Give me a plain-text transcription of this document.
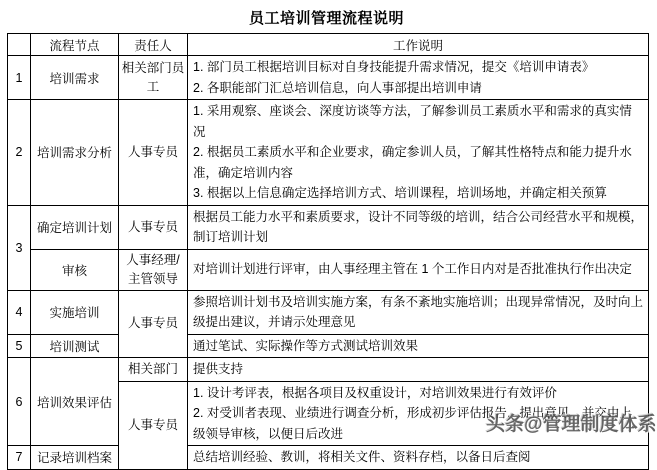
员工培训管理流程说明
	流程节点	责任人	工作说明
1	培训需求	相关部门员工	1. 部门员工根据培训目标对自身技能提升需求情况，提交《培训申请表》
2. 各职能部门汇总培训信息，向人事部提出培训申请

2	培训需求分析	人事专员	1. 采用观察、座谈会、深度访谈等方法，了解参训员工素质水平和需求的真实情况
2. 根据员工素质水平和企业要求，确定参训人员，了解其性格特点和能力提升水准，确定培训内容
3. 根据以上信息确定选择培训方式、培训课程，培训场地，并确定相关预算

3	确定培训计划	人事专员	根据员工能力水平和素质要求，设计不同等级的培训，结合公司经营水平和规模，制订培训计划
	审核	人事经理/主管领导	对培训计划进行评审，由人事经理主管在 1 个工作日内对是否批准执行作出决定
4	实施培训	人事专员	参照培训计划书及培训实施方案，有条不紊地实施培训；出现异常情况，及时向上级提出建议，并请示处理意见
5	培训测试		通过笔试、实际操作等方式测试培训效果
6	培训效果评估	相关部门	提供支持
		人事专员	1. 设计考评表，根据各项目及权重设计，对培训效果进行有效评价
2. 对受训者表现、业绩进行调查分析，形成初步评估报告，提出意见，并交由上级领导审核，以便日后改进

7	记录培训档案		总结培训经验、教训，将相关文件、资料存档，以备日后查阅
头条@管理制度体系
